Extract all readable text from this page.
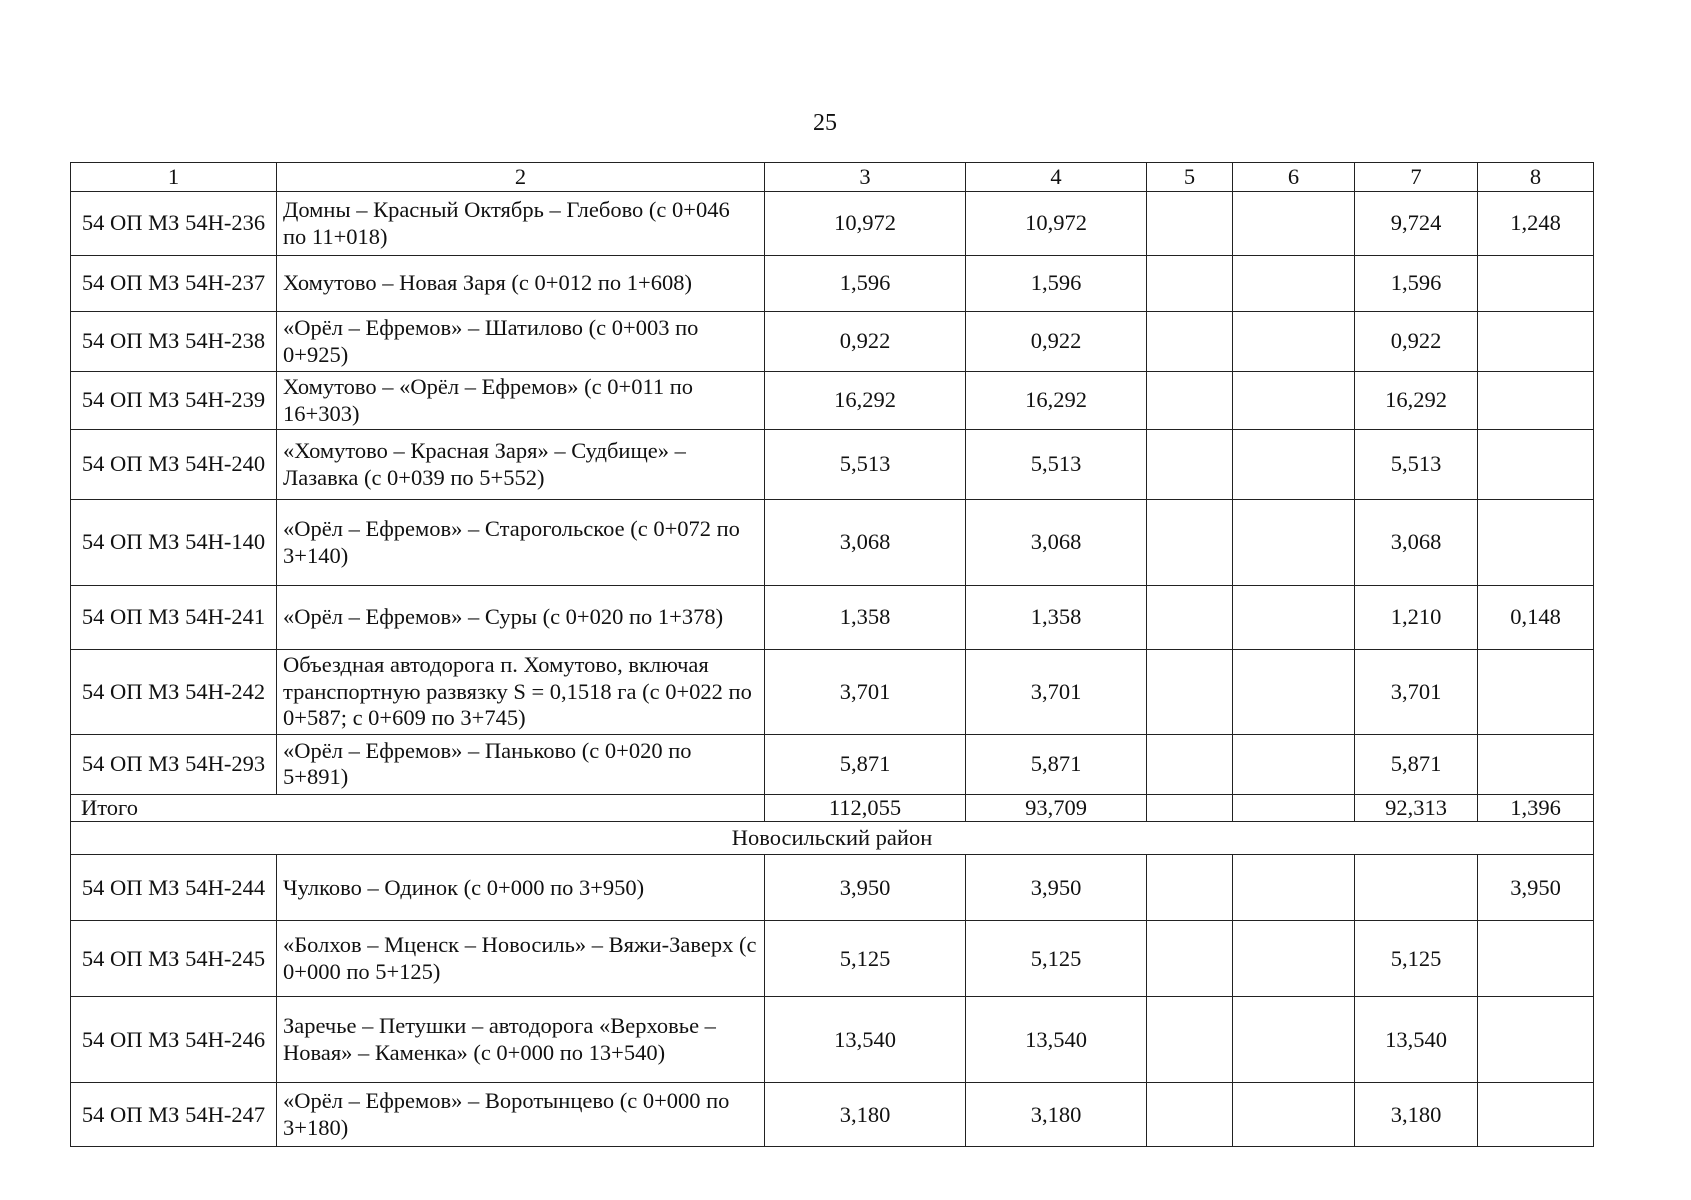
25
1	2	3	4	5	6	7	8
54 ОП МЗ 54Н-236	Домны – Красный Октябрь – Глебово (с 0+046 по 11+018)	10,972	10,972			9,724	1,248
54 ОП МЗ 54Н-237	Хомутово – Новая Заря (с 0+012 по 1+608)	1,596	1,596			1,596	
54 ОП МЗ 54Н-238	«Орёл – Ефремов» – Шатилово (с 0+003 по 0+925)	0,922	0,922			0,922	
54 ОП МЗ 54Н-239	Хомутово – «Орёл – Ефремов» (с 0+011 по 16+303)	16,292	16,292			16,292	
54 ОП МЗ 54Н-240	«Хомутово – Красная Заря» – Судбище» – Лазавка (с 0+039 по 5+552)	5,513	5,513			5,513	
54 ОП МЗ 54Н-140	«Орёл – Ефремов» – Старогольское (с 0+072 по 3+140)	3,068	3,068			3,068	
54 ОП МЗ 54Н-241	«Орёл – Ефремов» – Суры (с 0+020 по 1+378)	1,358	1,358			1,210	0,148
54 ОП МЗ 54Н-242	Объездная автодорога п. Хомутово, включая транспортную развязку S = 0,1518 га (с 0+022 по 0+587; с 0+609 по 3+745)	3,701	3,701			3,701	
54 ОП МЗ 54Н-293	«Орёл – Ефремов» – Паньково (с 0+020 по 5+891)	5,871	5,871			5,871	
Итого		112,055	93,709			92,313	1,396
Новосильский район							
54 ОП МЗ 54Н-244	Чулково – Одинок (с 0+000 по 3+950)	3,950	3,950				3,950
54 ОП МЗ 54Н-245	«Болхов – Мценск – Новосиль» – Вяжи-Заверх (с 0+000 по 5+125)	5,125	5,125			5,125	
54 ОП МЗ 54Н-246	Заречье – Петушки – автодорога «Верховье – Новая» – Каменка» (с 0+000 по 13+540)	13,540	13,540			13,540	
54 ОП МЗ 54Н-247	«Орёл – Ефремов» – Воротынцево (с 0+000 по 3+180)	3,180	3,180			3,180	
